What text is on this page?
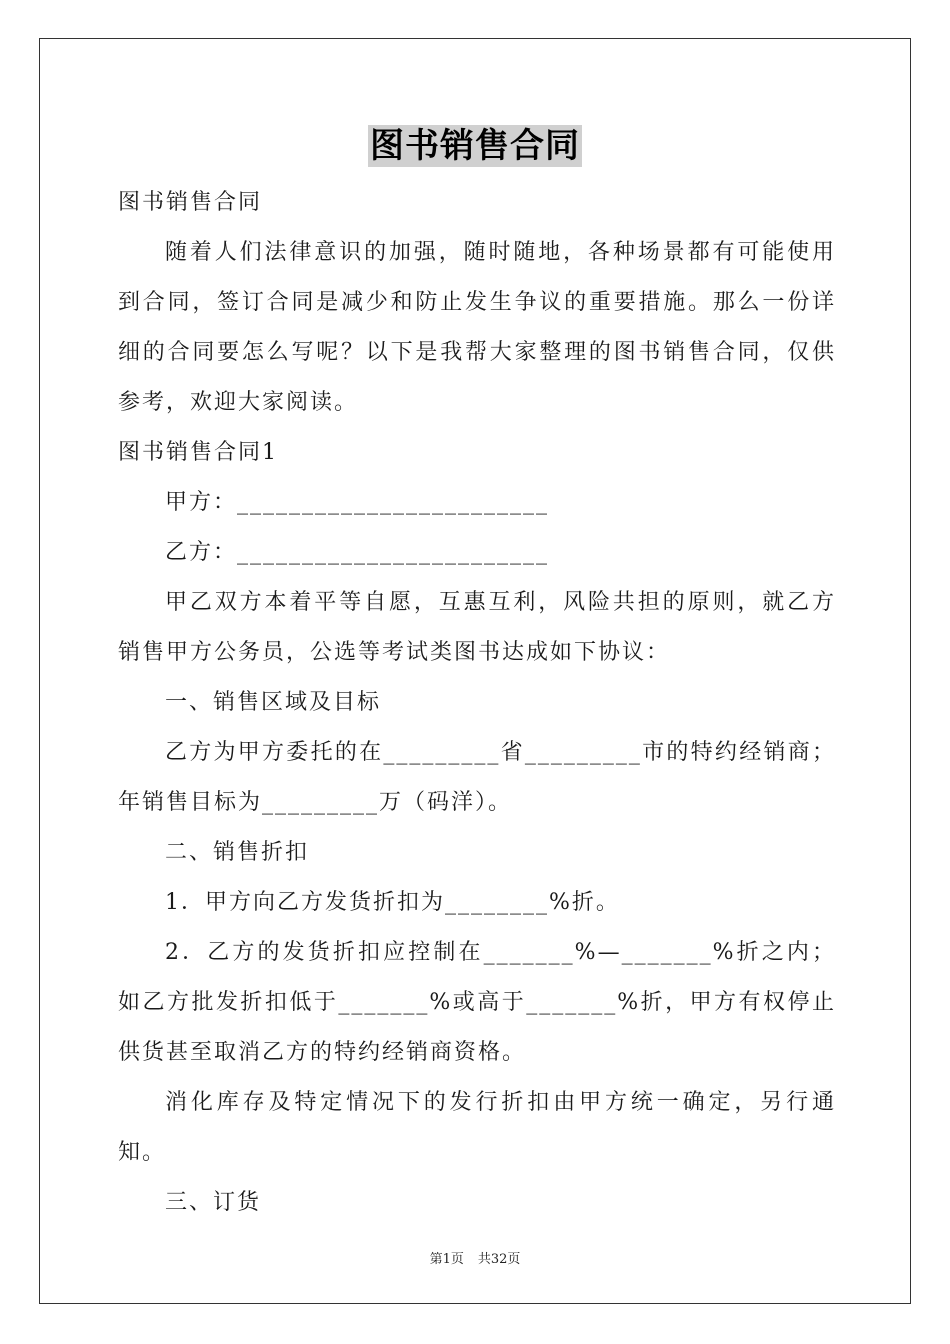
图书销售合同

图书销售合同

随着人们法律意识的加强，随时随地，各种场景都有可能使用到合同，签订合同是减少和防止发生争议的重要措施。那么一份详细的合同要怎么写呢？以下是我帮大家整理的图书销售合同，仅供参考，欢迎大家阅读。

图书销售合同1

甲方：________________________

乙方：________________________

甲乙双方本着平等自愿，互惠互利，风险共担的原则，就乙方销售甲方公务员，公选等考试类图书达成如下协议：

一、销售区域及目标

乙方为甲方委托的在_________省_________市的特约经销商；年销售目标为_________万（码洋）。

二、销售折扣

1．甲方向乙方发货折扣为________%折。

2．乙方的发货折扣应控制在_______%—_______%折之内；如乙方批发折扣低于_______%或高于_______%折，甲方有权停止供货甚至取消乙方的特约经销商资格。

消化库存及特定情况下的发行折扣由甲方统一确定，另行通知。

三、订货

第1页 共32页
